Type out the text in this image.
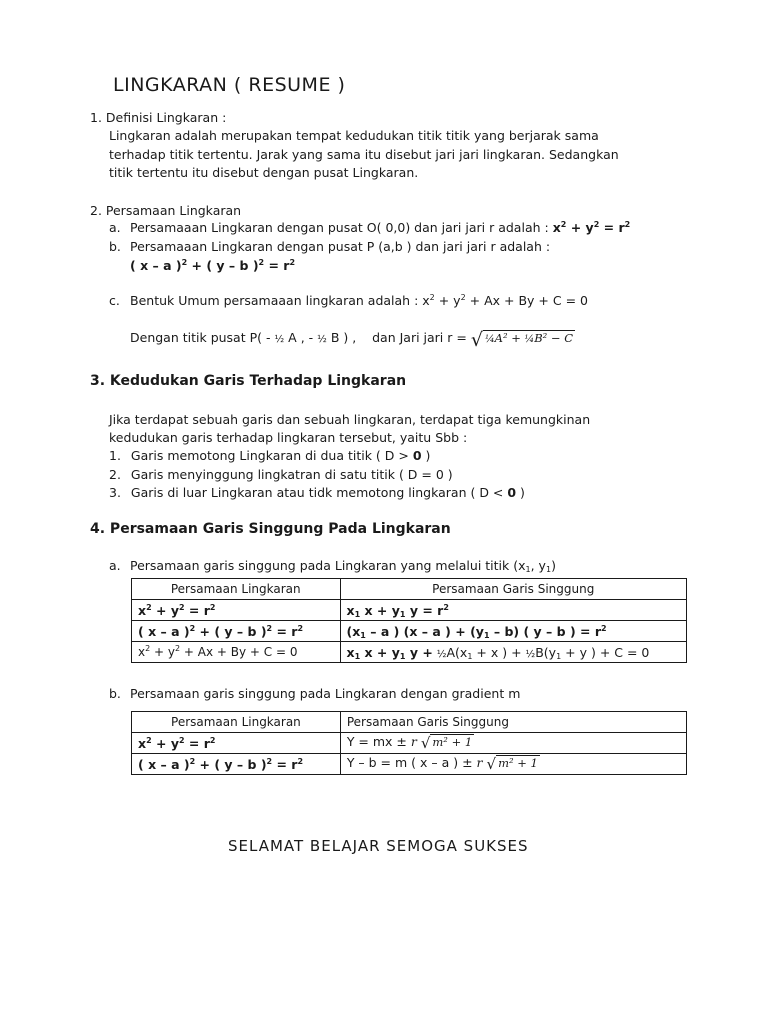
LINGKARAN ( RESUME )
1. Definisi Lingkaran :
Lingkaran adalah merupakan tempat kedudukan titik titik yang berjarak sama
terhadap titik tertentu. Jarak yang sama itu disebut jari jari lingkaran. Sedangkan
titik tertentu itu disebut dengan pusat Lingkaran.
2. Persamaan Lingkaran
a. Persamaaan Lingkaran dengan pusat O( 0,0) dan jari jari r adalah : $x^2 + y^2 = r^2$
b. Persamaaan Lingkaran dengan pusat P (a,b ) dan jari jari r adalah :
( x – a )$^2$ + ( y – b )$^2 = r^2$
c. Bentuk Umum persamaaan lingkaran adalah : $x^2 + y^2 + Ax + By + C = 0$
Dengan titik pusat P( - ½ A , - ½ B ) , dan Jari jari r = √ ¼A² + ¼B² − C
3. Kedudukan Garis Terhadap Lingkaran
Jika terdapat sebuah garis dan sebuah lingkaran, terdapat tiga kemungkinan
kedudukan garis terhadap lingkaran tersebut, yaitu Sbb :
1. Garis memotong Lingkaran di dua titik ( D > 0 )
2. Garis menyinggung lingkatran di satu titik ( D = 0 )
3. Garis di luar Lingkaran atau tidk memotong lingkaran ( D < 0 )
4. Persamaan Garis Singgung Pada Lingkaran
a. Persamaan garis singgung pada Lingkaran yang melalui titik ($x_1$, $y_1$)
Persamaan Lingkaran	Persamaan Garis Singgung
$x^2 + y^2 = r^2$	$x_1$ $x + y_1$ $y = r^2$
( x – a )$^2$ + ( y – b )$^2 = r^2$	($x_1$ – a ) (x – a ) + $(y_1 - b)$ ( y – b ) = $r^2$
$x^2 + y^2 + Ax + By + C = 0$	$x_1$ $x + y_1$ $y + \frac{1}{2}A(x_1 + x$ ) + $\frac{1}{2}B(y_1 + y$ ) + C = 0
b. Persamaan garis singgung pada Lingkaran dengan gradient m
Persamaan Lingkaran	Persamaan Garis Singgung
$x^2 + y^2 = r^2$	Y = mx ± r √ m² + 1
( x – a )$^2$ + ( y – b )$^2 = r^2$	Y – b = m ( x – a ) ± r √ m² + 1
SELAMAT BELAJAR SEMOGA SUKSES
